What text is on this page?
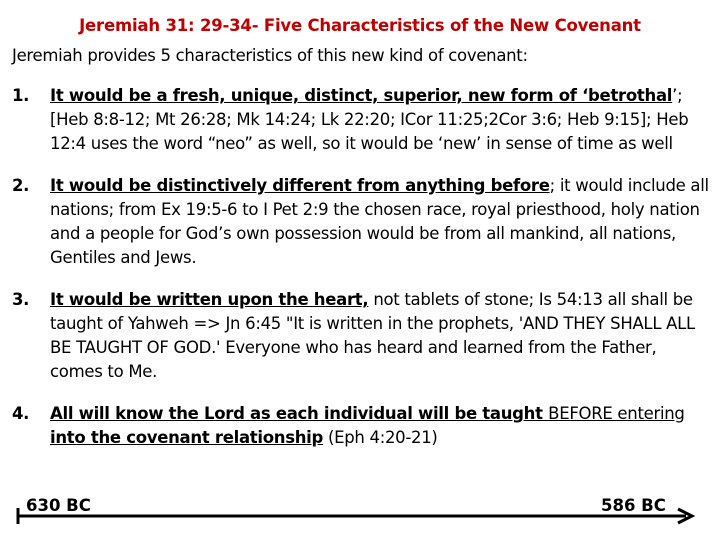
Jeremiah 31: 29-34- Five Characteristics of the New Covenant
Jeremiah provides 5 characteristics of this new kind of covenant:
1. It would be a fresh, unique, distinct, superior, new form of ‘betrothal’; [Heb 8:8-12; Mt 26:28; Mk 14:24; Lk 22:20; ICor 11:25;2Cor 3:6; Heb 9:15]; Heb 12:4 uses the word “neo” as well, so it would be ‘new’ in sense of time as well
2. It would be distinctively different from anything before; it would include all nations; from Ex 19:5-6 to I Pet 2:9 the chosen race, royal priesthood, holy nation and a people for God’s own possession would be from all mankind, all nations, Gentiles and Jews.
3. It would be written upon the heart, not tablets of stone; Is 54:13 all shall be taught of Yahweh => Jn 6:45 "It is written in the prophets, 'AND THEY SHALL ALL BE TAUGHT OF GOD.' Everyone who has heard and learned from the Father, comes to Me.
4. All will know the Lord as each individual will be taught BEFORE entering into the covenant relationship (Eph 4:20-21)
630 BC	586 BC
